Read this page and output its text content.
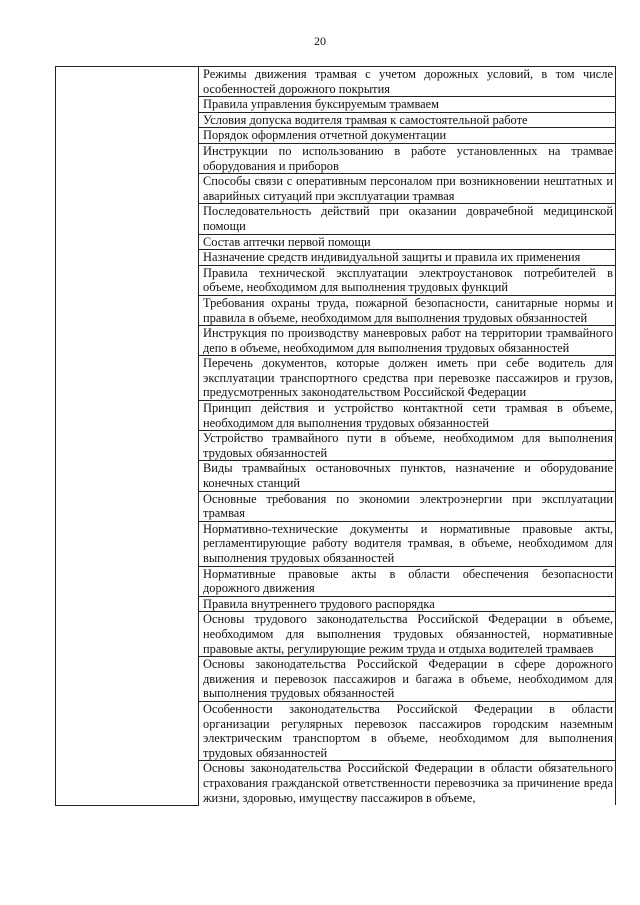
20
	Режимы движения трамвая с учетом дорожных условий, в том числе особенностей дорожного покрытия
Правила управления буксируемым трамваем
Условия допуска водителя трамвая к самостоятельной работе
Порядок оформления отчетной документации
Инструкции по использованию в работе установленных на трамвае оборудования и приборов
Способы связи с оперативным персоналом при возникновении нештатных и аварийных ситуаций при эксплуатации трамвая
Последовательность действий при оказании доврачебной медицинской помощи
Состав аптечки первой помощи
Назначение средств индивидуальной защиты и правила их применения
Правила технической эксплуатации электроустановок потребителей в объеме, необходимом для выполнения трудовых функций
Требования охраны труда, пожарной безопасности, санитарные нормы и правила в объеме, необходимом для выполнения трудовых обязанностей
Инструкция по производству маневровых работ на территории трамвайного депо в объеме, необходимом для выполнения трудовых обязанностей
Перечень документов, которые должен иметь при себе водитель для эксплуатации транспортного средства при перевозке пассажиров и грузов, предусмотренных законодательством Российской Федерации
Принцип действия и устройство контактной сети трамвая в объеме, необходимом для выполнения трудовых обязанностей
Устройство трамвайного пути в объеме, необходимом для выполнения трудовых обязанностей
Виды трамвайных остановочных пунктов, назначение и оборудование конечных станций
Основные требования по экономии электроэнергии при эксплуатации трамвая
Нормативно-технические документы и нормативные правовые акты, регламентирующие работу водителя трамвая, в объеме, необходимом для выполнения трудовых обязанностей
Нормативные правовые акты в области обеспечения безопасности дорожного движения
Правила внутреннего трудового распорядка
Основы трудового законодательства Российской Федерации в объеме, необходимом для выполнения трудовых обязанностей, нормативные правовые акты, регулирующие режим труда и отдыха водителей трамваев
Основы законодательства Российской Федерации в сфере дорожного движения и перевозок пассажиров и багажа в объеме, необходимом для выполнения трудовых обязанностей
Особенности законодательства Российской Федерации в области организации регулярных перевозок пассажиров городским наземным электрическим транспортом в объеме, необходимом для выполнения трудовых обязанностей
Основы законодательства Российской Федерации в области обязательного страхования гражданской ответственности перевозчика за причинение вреда жизни, здоровью, имуществу пассажиров в объеме,
